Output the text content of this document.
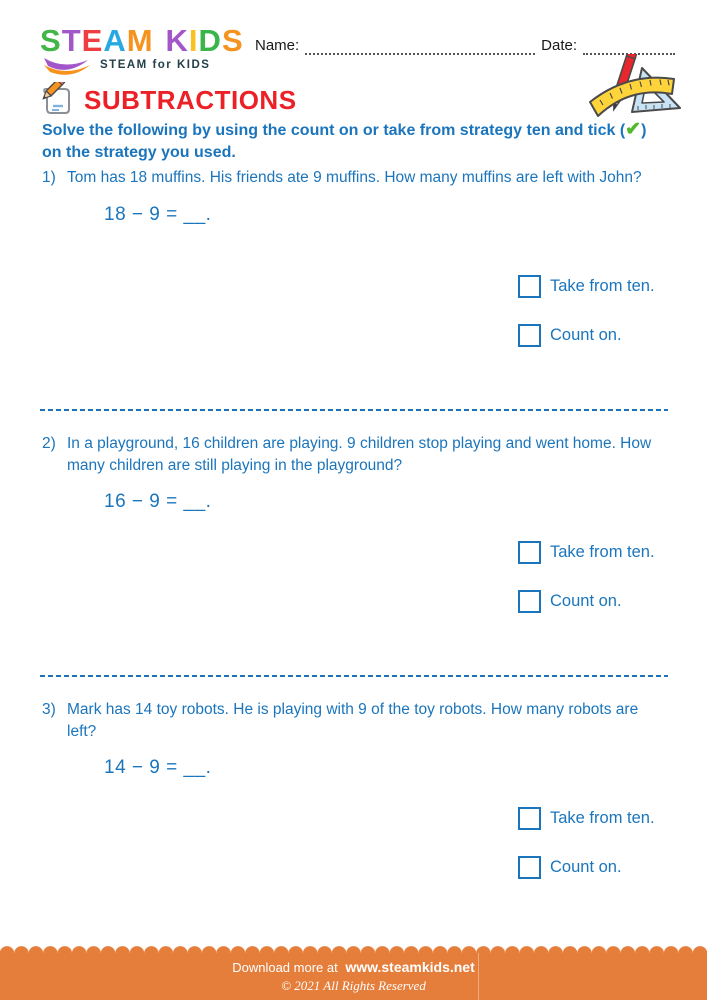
STEAM KIDS
STEAM for KIDS
Name:	Date:
SUBTRACTIONS
Solve the following by using the count on or take from strategy ten and tick (✔)
on the strategy you used.
1) Tom has 18 muffins. His friends ate 9 muffins. How many muffins are left with John?
18 − 9 = __.
Take from ten.
Count on.
2) In a playground, 16 children are playing. 9 children stop playing and went home. How many children are still playing in the playground?
16 − 9 = __.
Take from ten.
Count on.
3) Mark has 14 toy robots. He is playing with 9 of the toy robots. How many robots are left?
14 − 9 = __.
Take from ten.
Count on.
Download more at www.steamkids.net
© 2021 All Rights Reserved
